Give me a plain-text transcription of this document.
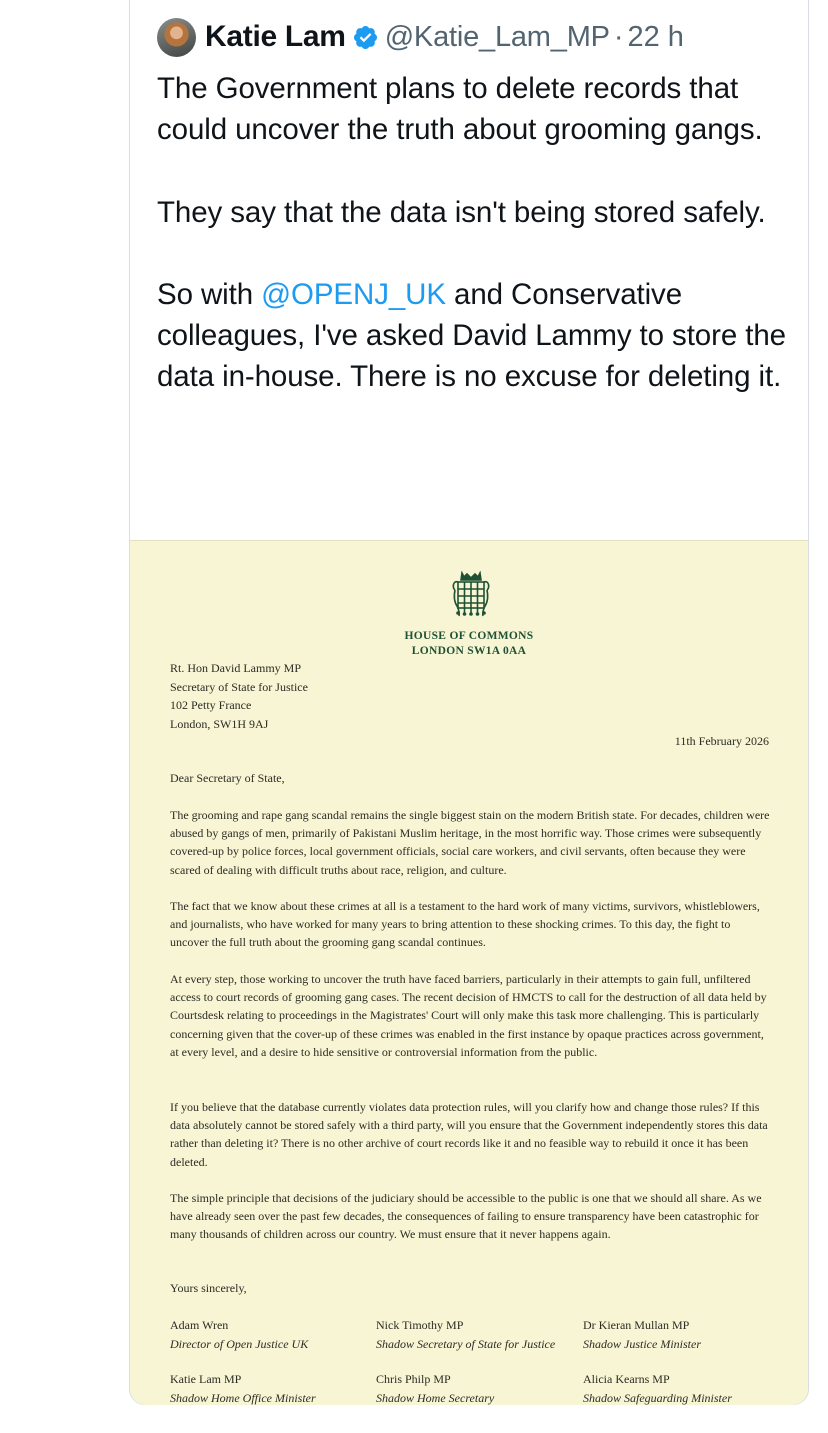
Katie Lam @Katie_Lam_MP · 22 h

The Government plans to delete records that could uncover the truth about grooming gangs.

They say that the data isn't being stored safely.

So with @OPENJ_UK and Conservative colleagues, I've asked David Lammy to store the data in-house. There is no excuse for deleting it.

HOUSE OF COMMONS
LONDON SW1A 0AA
Rt. Hon David Lammy MP
Secretary of State for Justice
102 Petty France
London, SW1H 9AJ
11th February 2026
Dear Secretary of State,
The grooming and rape gang scandal remains the single biggest stain on the modern British state. For decades, children were abused by gangs of men, primarily of Pakistani Muslim heritage, in the most horrific way. Those crimes were subsequently covered-up by police forces, local government officials, social care workers, and civil servants, often because they were scared of dealing with difficult truths about race, religion, and culture.
The fact that we know about these crimes at all is a testament to the hard work of many victims, survivors, whistleblowers, and journalists, who have worked for many years to bring attention to these shocking crimes. To this day, the fight to uncover the full truth about the grooming gang scandal continues.
At every step, those working to uncover the truth have faced barriers, particularly in their attempts to gain full, unfiltered access to court records of grooming gang cases. The recent decision of HMCTS to call for the destruction of all data held by Courtsdesk relating to proceedings in the Magistrates' Court will only make this task more challenging. This is particularly concerning given that the cover-up of these crimes was enabled in the first instance by opaque practices across government, at every level, and a desire to hide sensitive or controversial information from the public.
If you believe that the database currently violates data protection rules, will you clarify how and change those rules? If this data absolutely cannot be stored safely with a third party, will you ensure that the Government independently stores this data rather than deleting it? There is no other archive of court records like it and no feasible way to rebuild it once it has been deleted.
The simple principle that decisions of the judiciary should be accessible to the public is one that we should all share. As we have already seen over the past few decades, the consequences of failing to ensure transparency have been catastrophic for many thousands of children across our country. We must ensure that it never happens again.
Yours sincerely,
Adam Wren
Director of Open Justice UK
Nick Timothy MP
Shadow Secretary of State for Justice
Dr Kieran Mullan MP
Shadow Justice Minister
Katie Lam MP
Shadow Home Office Minister
Chris Philp MP
Shadow Home Secretary
Alicia Kearns MP
Shadow Safeguarding Minister
